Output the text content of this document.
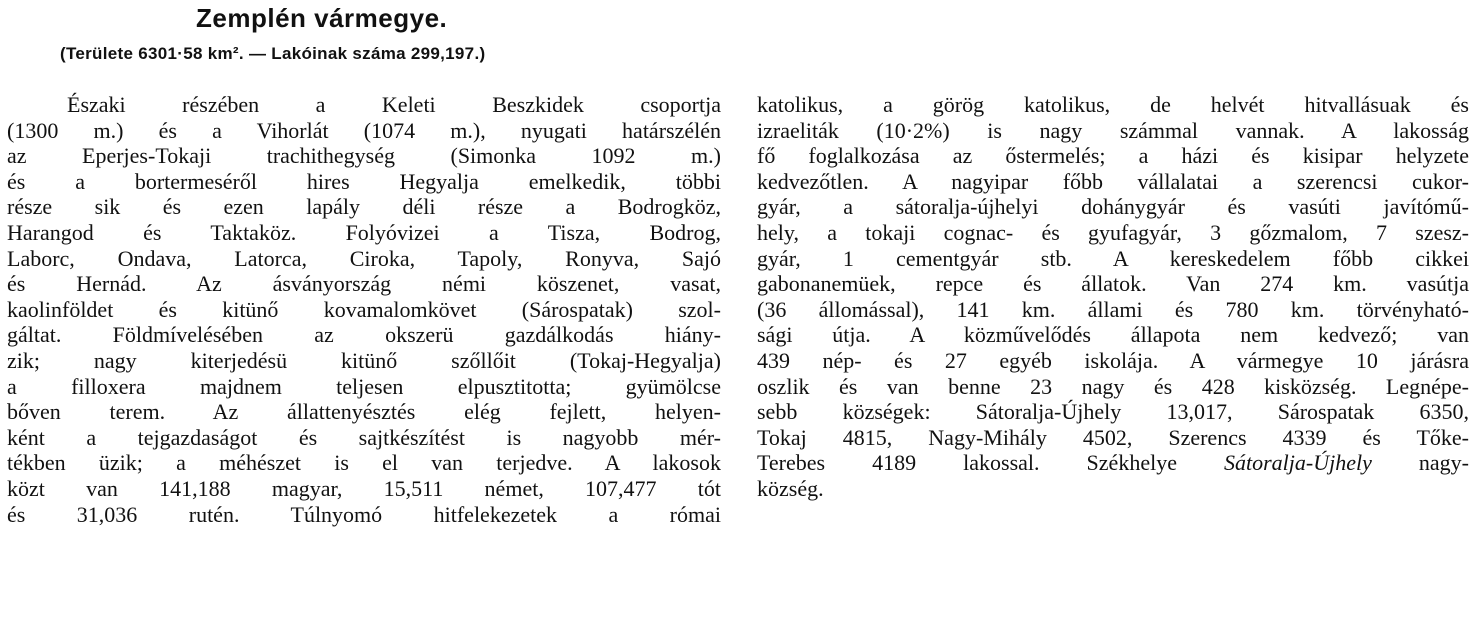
Zemplén vármegye.
(Területe 6301·58 km². — Lakóinak száma 299,197.)
Északi részében a Keleti Beszkidek csoportja
(1300 m.) és a Vihorlát (1074 m.), nyugati határszélén
az Eperjes-Tokaji trachithegység (Simonka 1092 m.)
és a bortermeséről hires Hegyalja emelkedik, többi
része sik és ezen lapály déli része a Bodrogköz,
Harangod és Taktaköz. Folyóvizei a Tisza, Bodrog,
Laborc, Ondava, Latorca, Ciroka, Tapoly, Ronyva, Sajó
és Hernád. Az ásványország némi köszenet, vasat,
kaolinföldet és kitünő kovamalomkövet (Sárospatak) szol-
gáltat. Földmívelésében az okszerü gazdálkodás hiány-
zik; nagy kiterjedésü kitünő szőllőit (Tokaj-Hegyalja)
a filloxera majdnem teljesen elpusztitotta; gyümölcse
bőven terem. Az állattenyésztés elég fejlett, helyen-
ként a tejgazdaságot és sajtkészítést is nagyobb mér-
tékben üzik; a méhészet is el van terjedve. A lakosok
közt van 141,188 magyar, 15,511 német, 107,477 tót
és 31,036 rutén. Túlnyomó hitfelekezetek a római
katolikus, a görög katolikus, de helvét hitvallásuak és
izraeliták (10·2%) is nagy számmal vannak. A lakosság
fő foglalkozása az őstermelés; a házi és kisipar helyzete
kedvezőtlen. A nagyipar főbb vállalatai a szerencsi cukor-
gyár, a sátoralja-újhelyi dohánygyár és vasúti javítómű-
hely, a tokaji cognac- és gyufagyár, 3 gőzmalom, 7 szesz-
gyár, 1 cementgyár stb. A kereskedelem főbb cikkei
gabonanemüek, repce és állatok. Van 274 km. vasútja
(36 állomással), 141 km. állami és 780 km. törvényható-
sági útja. A közművelődés állapota nem kedvező; van
439 nép- és 27 egyéb iskolája. A vármegye 10 járásra
oszlik és van benne 23 nagy és 428 kisközség. Legnépe-
sebb községek: Sátoralja-Újhely 13,017, Sárospatak 6350,
Tokaj 4815, Nagy-Mihály 4502, Szerencs 4339 és Tőke-
Terebes 4189 lakossal. Székhelye Sátoralja-Újhely nagy-
község.
